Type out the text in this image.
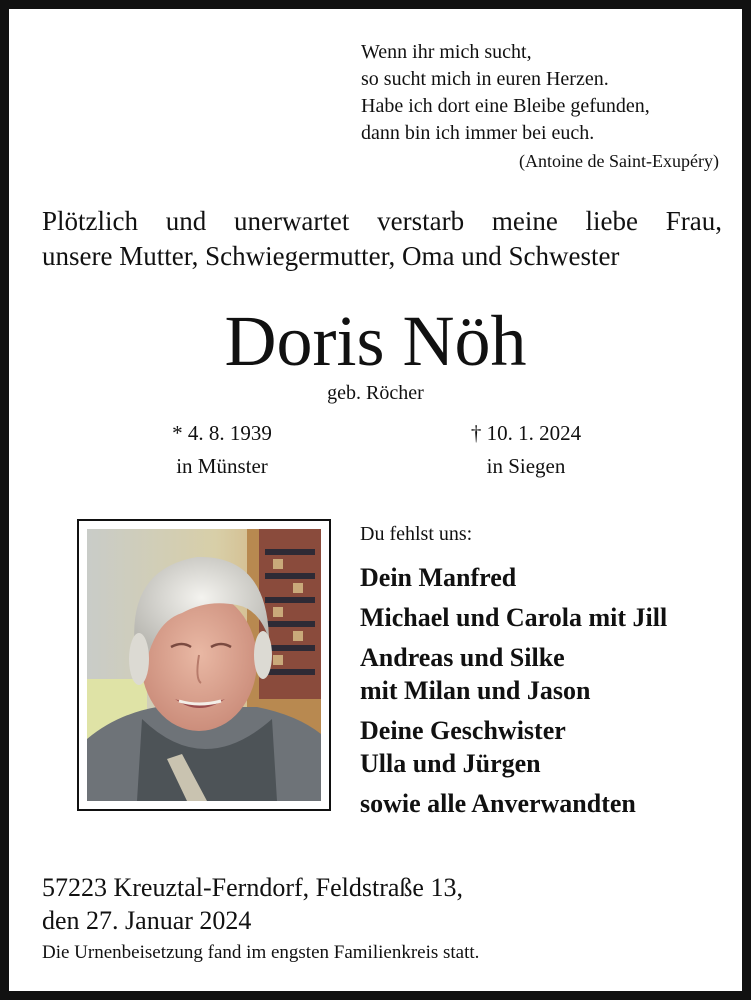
Wenn ihr mich sucht,
so sucht mich in euren Herzen.
Habe ich dort eine Bleibe gefunden,
dann bin ich immer bei euch.
(Antoine de Saint-Exupéry)
Plötzlich und unerwartet verstarb meine liebe Frau,
unsere Mutter, Schwiegermutter, Oma und Schwester
Doris Nöh
geb. Röcher
* 4. 8. 1939
in Münster
† 10. 1. 2024
in Siegen
Du fehlst uns:
Dein Manfred
Michael und Carola mit Jill
Andreas und Silke
mit Milan und Jason
Deine Geschwister
Ulla und Jürgen
sowie alle Anverwandten
57223 Kreuztal-Ferndorf, Feldstraße 13,
den 27. Januar 2024
Die Urnenbeisetzung fand im engsten Familienkreis statt.
